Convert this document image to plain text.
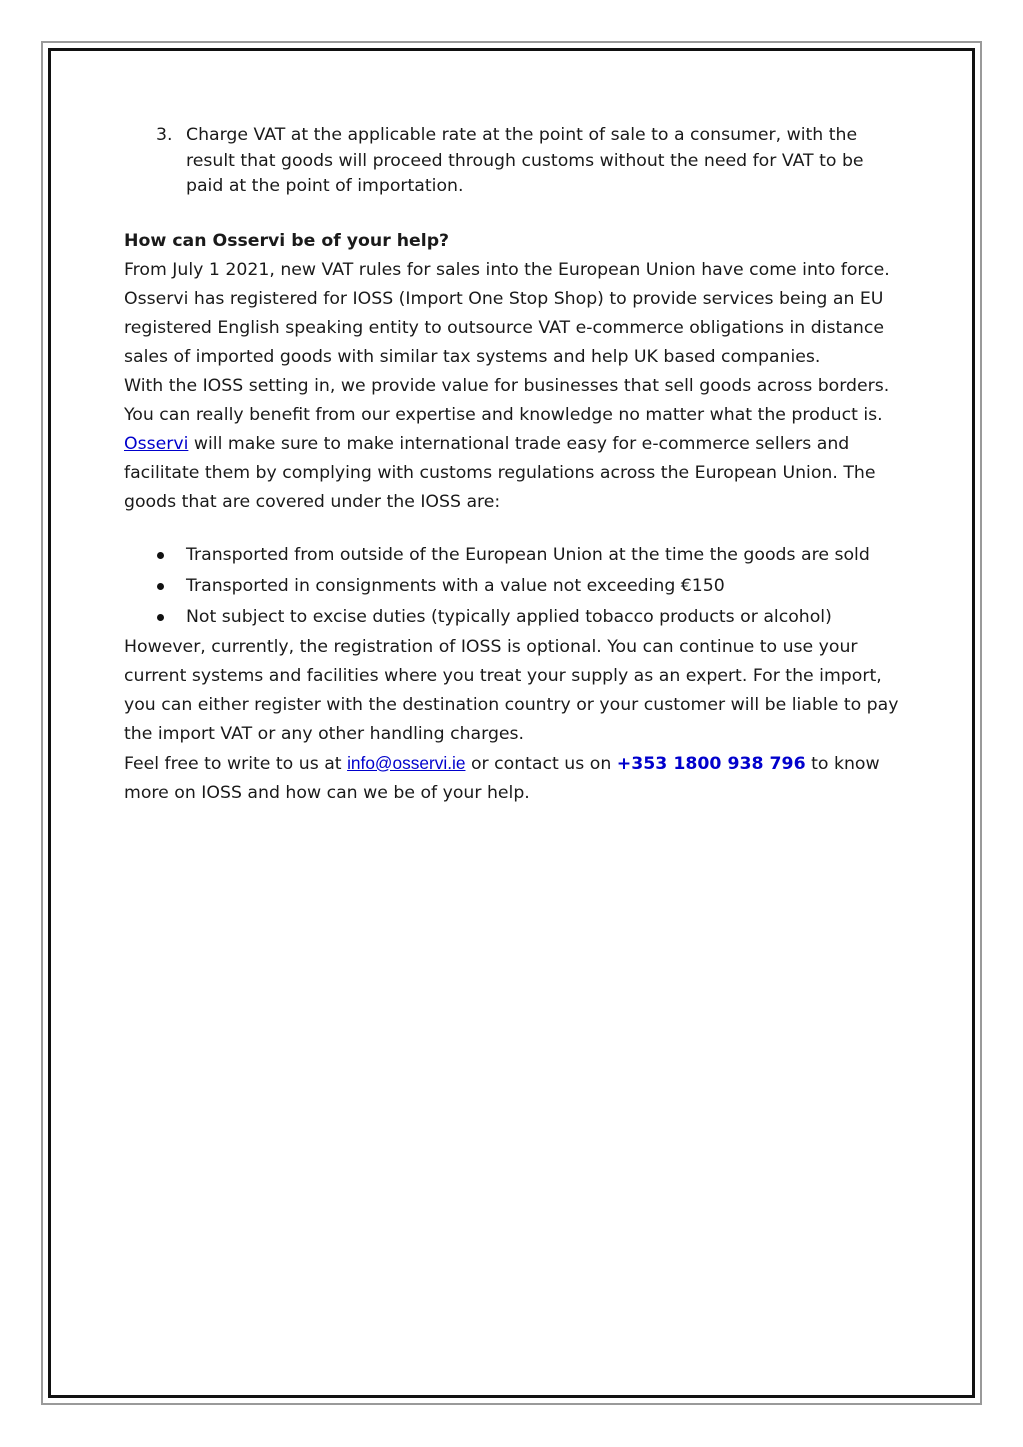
3. Charge VAT at the applicable rate at the point of sale to a consumer, with the result that goods will proceed through customs without the need for VAT to be paid at the point of importation.

How can Osservi be of your help?

From July 1 2021, new VAT rules for sales into the European Union have come into force. Osservi has registered for IOSS (Import One Stop Shop) to provide services being an EU registered English speaking entity to outsource VAT e-commerce obligations in distance sales of imported goods with similar tax systems and help UK based companies.

With the IOSS setting in, we provide value for businesses that sell goods across borders. You can really benefit from our expertise and knowledge no matter what the product is. Osservi will make sure to make international trade easy for e-commerce sellers and facilitate them by complying with customs regulations across the European Union. The goods that are covered under the IOSS are:

Transported from outside of the European Union at the time the goods are sold
Transported in consignments with a value not exceeding €150
Not subject to excise duties (typically applied tobacco products or alcohol)

However, currently, the registration of IOSS is optional. You can continue to use your current systems and facilities where you treat your supply as an expert. For the import, you can either register with the destination country or your customer will be liable to pay the import VAT or any other handling charges.

Feel free to write to us at info@osservi.ie or contact us on +353 1800 938 796 to know more on IOSS and how can we be of your help.
